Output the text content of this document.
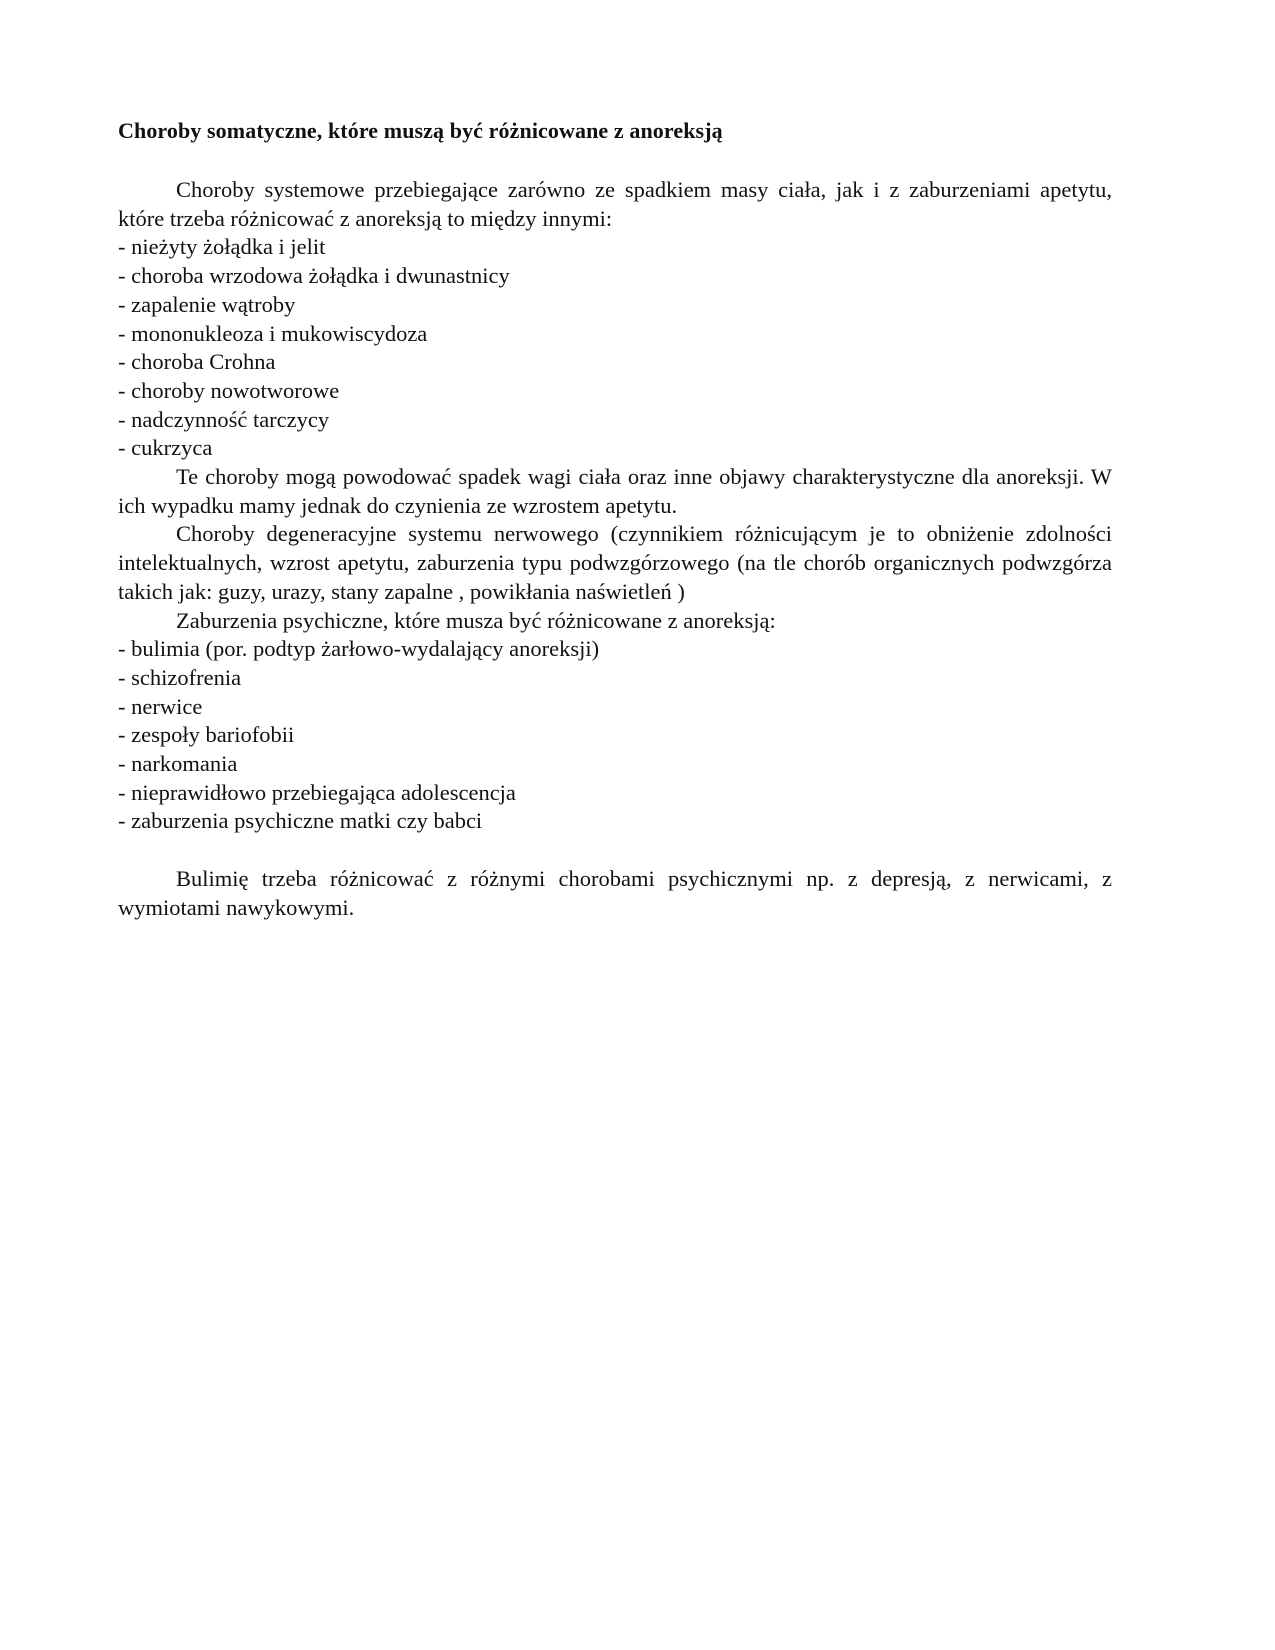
Choroby somatyczne, które muszą być różnicowane z anoreksją

Choroby systemowe przebiegające zarówno ze spadkiem masy ciała, jak i z zaburzeniami apetytu, które trzeba różnicować z anoreksją to między innymi:

- nieżyty żołądka i jelit
- choroba wrzodowa żołądka i dwunastnicy
- zapalenie wątroby
- mononukleoza i mukowiscydoza
- choroba Crohna
- choroby nowotworowe
- nadczynność tarczycy
- cukrzyca

Te choroby mogą powodować spadek wagi ciała oraz inne objawy charakterystyczne dla anoreksji. W ich wypadku mamy jednak do czynienia ze wzrostem apetytu.

Choroby degeneracyjne systemu nerwowego (czynnikiem różnicującym je to obniżenie zdolności intelektualnych, wzrost apetytu, zaburzenia typu podwzgórzowego (na tle chorób organicznych podwzgórza takich jak: guzy, urazy, stany zapalne , powikłania naświetleń )

Zaburzenia psychiczne, które musza być różnicowane z anoreksją:

- bulimia (por. podtyp żarłowo-wydalający anoreksji)
- schizofrenia
- nerwice
- zespoły bariofobii
- narkomania
- nieprawidłowo przebiegająca adolescencja
- zaburzenia psychiczne matki czy babci

Bulimię trzeba różnicować z różnymi chorobami psychicznymi np. z depresją, z nerwicami, z wymiotami nawykowymi.
